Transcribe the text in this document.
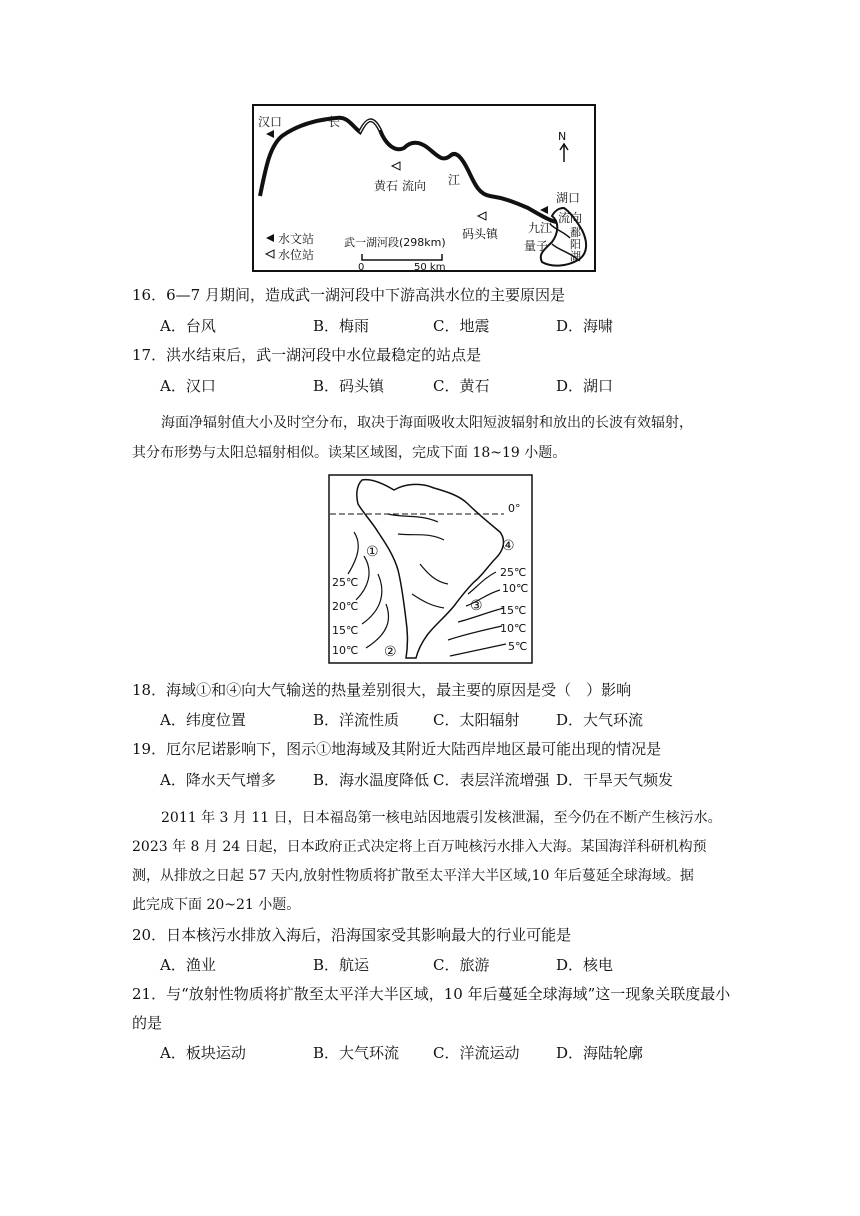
汉口	长
黄石 流向 江
码头镇
湖口
流向
九江
量子
鄱
阳
湖
N
水文站
水位站
武一湖河段(298km)
0	50 km
16．6—7 月期间，造成武一湖河段中下游高洪水位的主要原因是
A．台风	B．梅雨	C．地震	D．海啸
17．洪水结束后，武一湖河段中水位最稳定的站点是
A．汉口	B．码头镇	C．黄石	D．湖口
海面净辐射值大小及时空分布，取决于海面吸收太阳短波辐射和放出的长波有效辐射，
其分布形势与太阳总辐射相似。读某区域图，完成下面 18~19 小题。
0°
①
②
③
④
25℃
20℃
15℃
10℃
25℃
10℃
15℃
10℃
5℃
18．海域①和④向大气输送的热量差别很大，最主要的原因是受（　）影响
A．纬度位置	B．洋流性质 C．太阳辐射 D．大气环流
19．厄尔尼诺影响下，图示①地海域及其附近大陆西岸地区最可能出现的情况是
A．降水天气增多 B．海水温度降低 C．表层洋流增强 D．干旱天气频发
2011 年 3 月 11 日，日本福岛第一核电站因地震引发核泄漏，至今仍在不断产生核污水。
2023 年 8 月 24 日起，日本政府正式决定将上百万吨核污水排入大海。某国海洋科研机构预
测，从排放之日起 57 天内,放射性物质将扩散至太平洋大半区域,10 年后蔓延全球海域。据
此完成下面 20~21 小题。
20．日本核污水排放入海后，沿海国家受其影响最大的行业可能是
A．渔业	B．航运	C．旅游	D．核电
21．与“放射性物质将扩散至太平洋大半区域，10 年后蔓延全球海域”这一现象关联度最小
的是
A．板块运动	B．大气环流 C．洋流运动 D．海陆轮廓
